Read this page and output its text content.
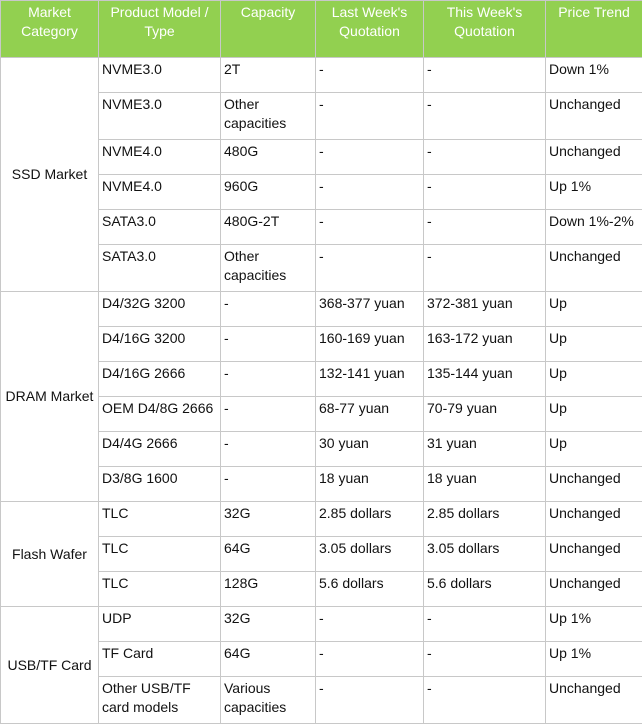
Market Category	Product Model / Type	Capacity	Last Week's Quotation	This Week's Quotation	Price Trend
SSD Market	NVME3.0	2T	-	-	Down 1%
	NVME3.0	Other capacities	-	-	Unchanged
	NVME4.0	480G	-	-	Unchanged
	NVME4.0	960G	-	-	Up 1%
	SATA3.0	480G-2T	-	-	Down 1%-2%
	SATA3.0	Other capacities	-	-	Unchanged
DRAM Market	D4/32G 3200	-	368-377 yuan	372-381 yuan	Up
	D4/16G 3200	-	160-169 yuan	163-172 yuan	Up
	D4/16G 2666	-	132-141 yuan	135-144 yuan	Up
	OEM D4/8G 2666	-	68-77 yuan	70-79 yuan	Up
	D4/4G 2666	-	30 yuan	31 yuan	Up
	D3/8G 1600	-	18 yuan	18 yuan	Unchanged
Flash Wafer	TLC	32G	2.85 dollars	2.85 dollars	Unchanged
	TLC	64G	3.05 dollars	3.05 dollars	Unchanged
	TLC	128G	5.6 dollars	5.6 dollars	Unchanged
USB/TF Card	UDP	32G	-	-	Up 1%
	TF Card	64G	-	-	Up 1%
	Other USB/TF card models	Various capacities	-	-	Unchanged
